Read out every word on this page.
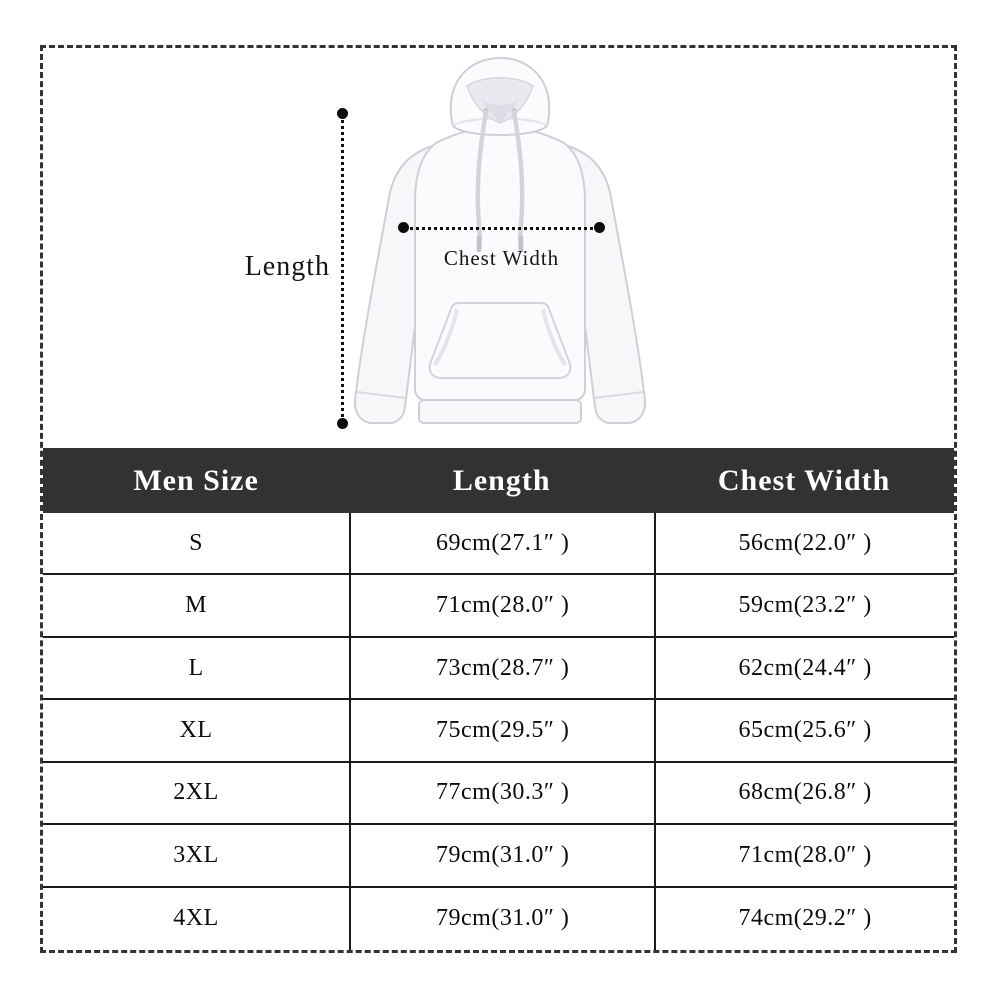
Length	Chest Width
Men Size	Length	Chest Width
S	69cm(27.1″ )	56cm(22.0″ )
M	71cm(28.0″ )	59cm(23.2″ )
L	73cm(28.7″ )	62cm(24.4″ )
XL	75cm(29.5″ )	65cm(25.6″ )
2XL	77cm(30.3″ )	68cm(26.8″ )
3XL	79cm(31.0″ )	71cm(28.0″ )
4XL	79cm(31.0″ )	74cm(29.2″ )
